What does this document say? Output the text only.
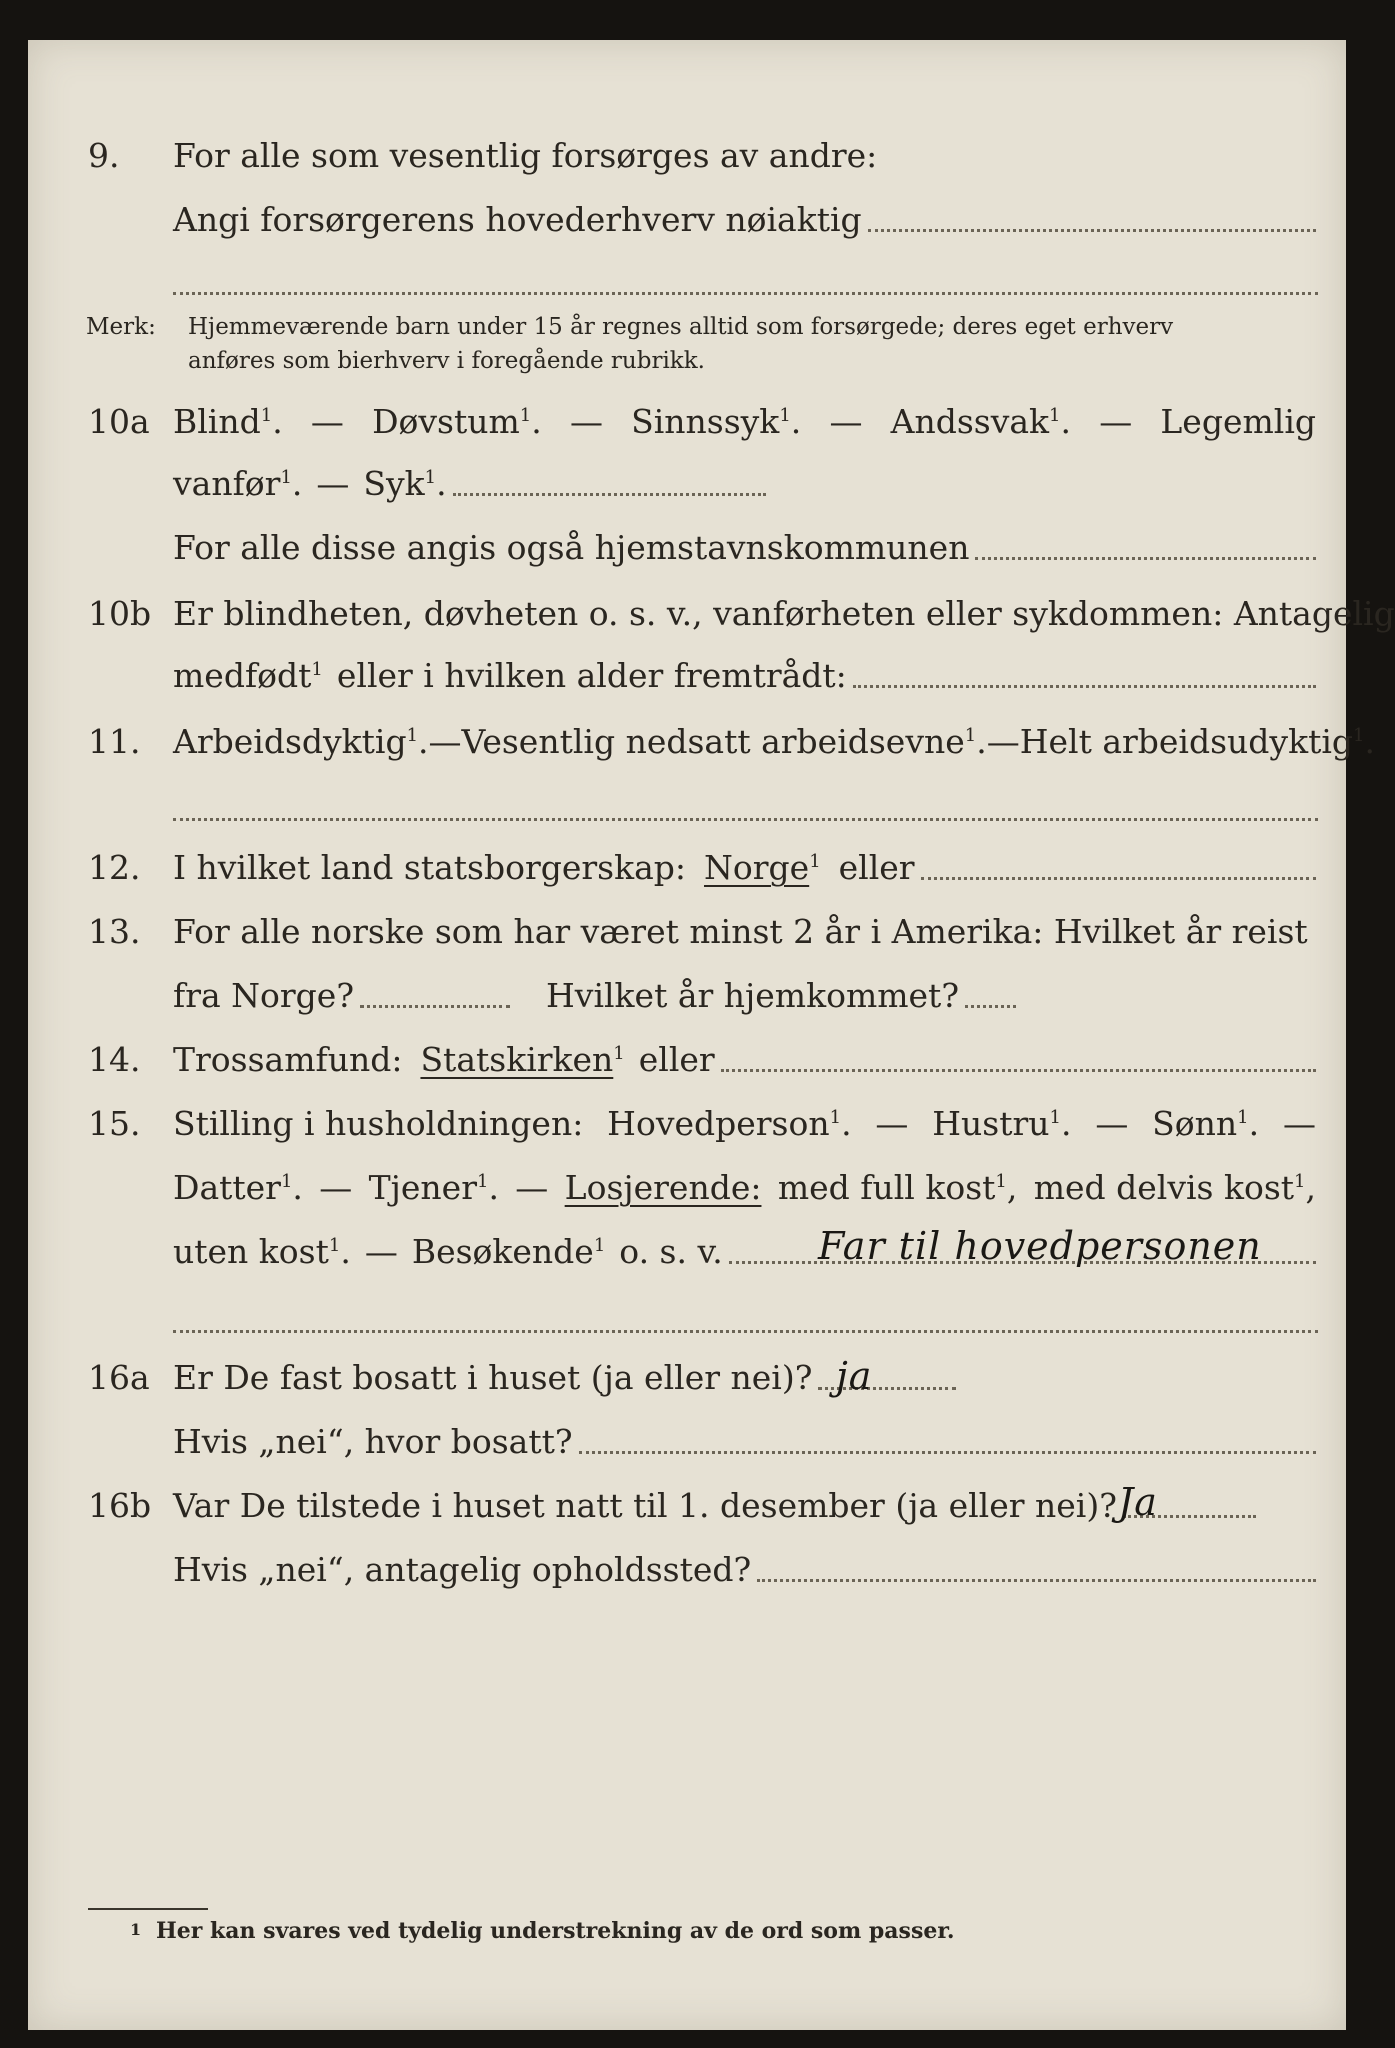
9. For alle som vesentlig forsørges av andre:
Angi forsørgerens hovederhverv nøiaktig
Merk: Hjemmeværende barn under 15 år regnes alltid som forsørgede; deres eget erhverv
anføres som bierhverv i foregående rubrikk.
10a Blind$^1$. — Døvstum$^1$. — Sinnssyk$^1$. — Andssvak$^1$. — Legemlig
vanfør$^1$. — Syk$^1$.
For alle disse angis også hjemstavnskommunen
10b Er blindheten, døvheten o. s. v., vanførheten eller sykdommen: Antagelig
medfødt$^1$ eller i hvilken alder fremtrådt:
11. Arbeidsdyktig$^1$. — Vesentlig nedsatt arbeidsevne$^1$. — Helt arbeidsudyktig$^1$.
12. I hvilket land statsborgerskap: Norge$^1$ eller
13. For alle norske som har været minst 2 år i Amerika: Hvilket år reist
fra Norge?	Hvilket år hjemkommet?
14. Trossamfund: Statskirken$^1$ eller
15. Stilling i husholdningen: Hovedperson$^1$. — Hustru$^1$. — Sønn$^1$. —
Datter$^1$. — Tjener$^1$. — Losjerende: med full kost$^1$, med delvis kost$^1$,
uten kost$^1$. — Besøkende$^1$ o. s. v.	Far til hovedpersonen
16a Er De fast bosatt i huset (ja eller nei)? ja
Hvis „nei“, hvor bosatt?
16b Var De tilstede i huset natt til 1. desember (ja eller nei)? Ja
Hvis „nei“, antagelig opholdssted?
1 Her kan svares ved tydelig understrekning av de ord som passer.
